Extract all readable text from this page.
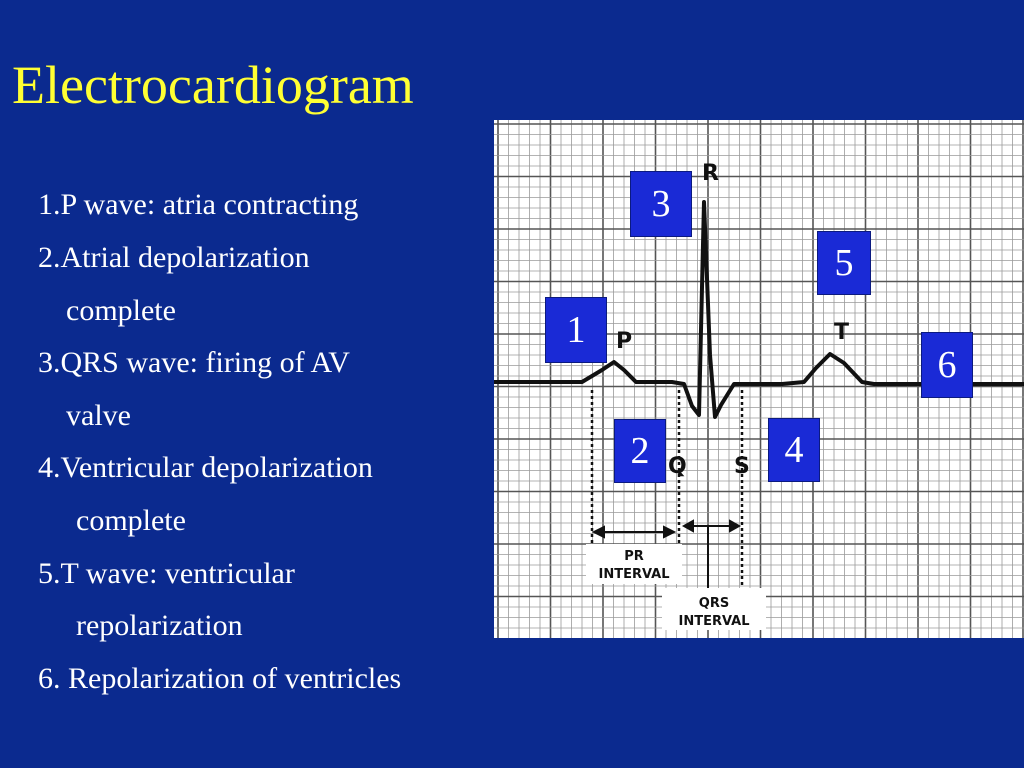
Electrocardiogram
1.P wave: atria contracting
2.Atrial depolarization
complete
3.QRS wave: firing of AV
valve
4.Ventricular depolarization
complete
5.T wave: ventricular
repolarization
6. Repolarization of ventricles
R
P	T
Q S
PR
INTERVAL
QRS
INTERVAL
1
2
3
4
5
6
